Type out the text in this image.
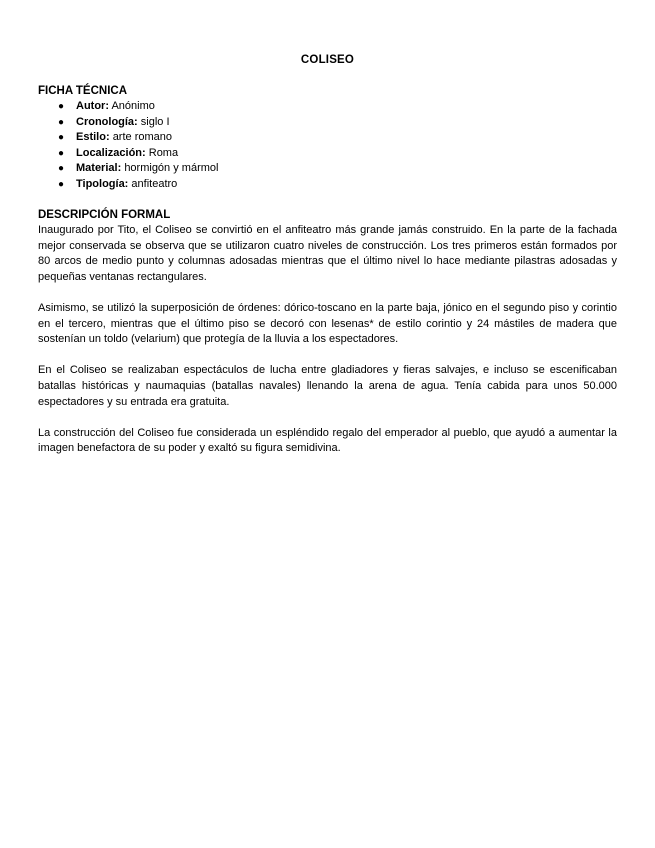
COLISEO
FICHA TÉCNICA
● Autor: Anónimo
● Cronología: siglo I
● Estilo: arte romano
● Localización: Roma
● Material: hormigón y mármol
● Tipología: anfiteatro
DESCRIPCIÓN FORMAL

Inaugurado por Tito, el Coliseo se convirtió en el anfiteatro más grande jamás construido. En la parte de la fachada mejor conservada se observa que se utilizaron cuatro niveles de construcción. Los tres primeros están formados por 80 arcos de medio punto y columnas adosadas mientras que el último nivel lo hace mediante pilastras adosadas y pequeñas ventanas rectangulares.

Asimismo, se utilizó la superposición de órdenes: dórico-toscano en la parte baja, jónico en el segundo piso y corintio en el tercero, mientras que el último piso se decoró con lesenas* de estilo corintio y 24 mástiles de madera que sostenían un toldo (velarium) que protegía de la lluvia a los espectadores.

En el Coliseo se realizaban espectáculos de lucha entre gladiadores y fieras salvajes, e incluso se escenificaban batallas históricas y naumaquias (batallas navales) llenando la arena de agua. Tenía cabida para unos 50.000 espectadores y su entrada era gratuita.

La construcción del Coliseo fue considerada un espléndido regalo del emperador al pueblo, que ayudó a aumentar la imagen benefactora de su poder y exaltó su figura semidivina.
